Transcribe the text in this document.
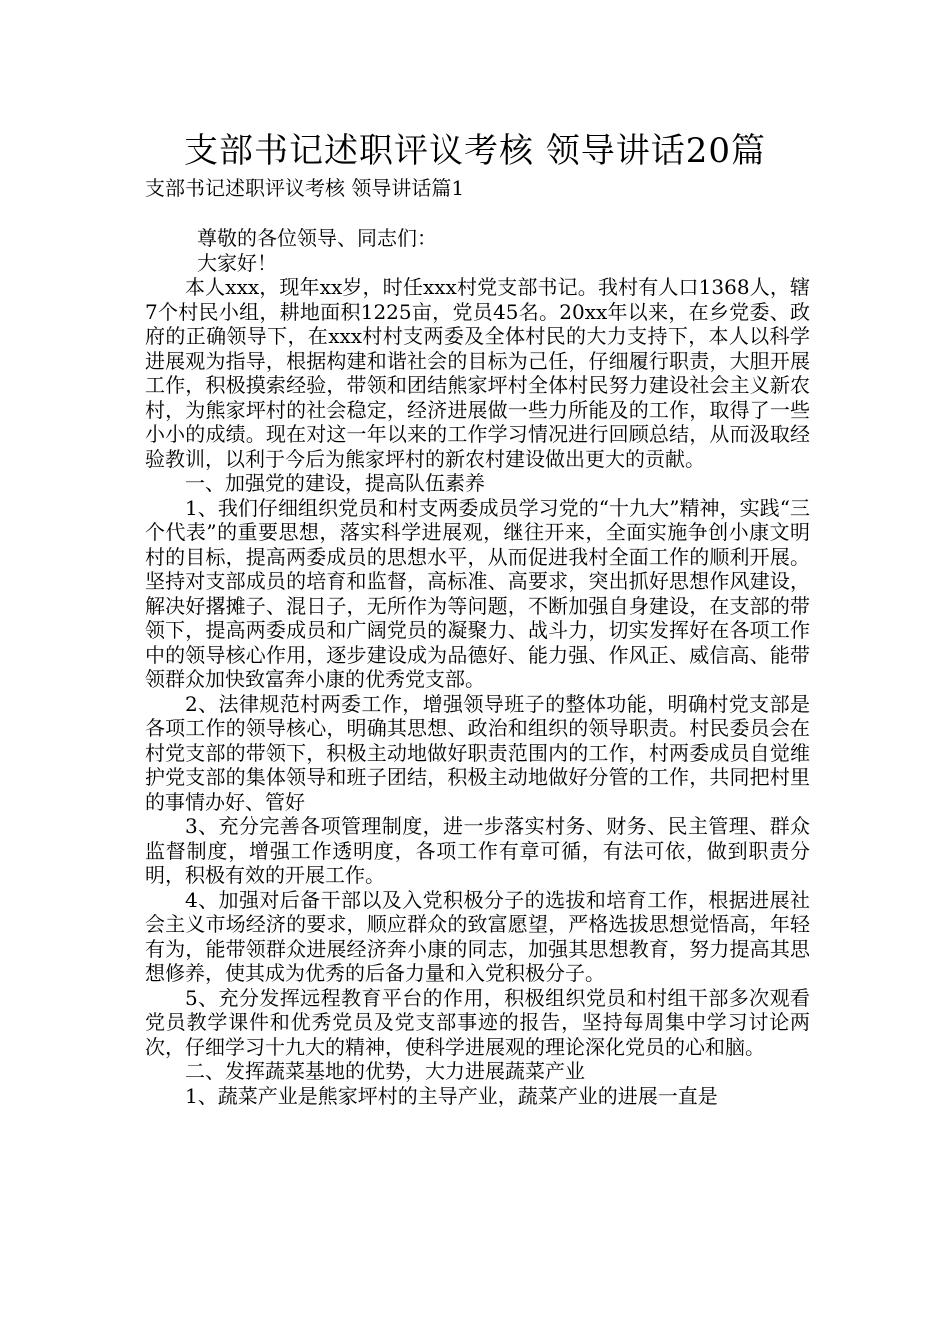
支部书记述职评议考核 领导讲话20篇
支部书记述职评议考核 领导讲话篇1

尊敬的各位领导、同志们：

大家好！

本人xxx，现年xx岁，时任xxx村党支部书记。我村有人口1368人，辖7个村民小组，耕地面积1225亩，党员45名。20xx年以来，在乡党委、政府的正确领导下，在xxx村村支两委及全体村民的大力支持下，本人以科学进展观为指导，根据构建和谐社会的目标为己任，仔细履行职责，大胆开展工作，积极摸索经验，带领和团结熊家坪村全体村民努力建设社会主义新农村，为熊家坪村的社会稳定，经济进展做一些力所能及的工作，取得了一些小小的成绩。现在对这一年以来的工作学习情况进行回顾总结，从而汲取经验教训，以利于今后为熊家坪村的新农村建设做出更大的贡献。

一、加强党的建设，提高队伍素养

1、我们仔细组织党员和村支两委成员学习党的“十九大”精神，实践“三个代表”的重要思想，落实科学进展观，继往开来，全面实施争创小康文明村的目标，提高两委成员的思想水平，从而促进我村全面工作的顺利开展。坚持对支部成员的培育和监督，高标准、高要求，突出抓好思想作风建设，解决好撂摊子、混日子，无所作为等问题，不断加强自身建设，在支部的带领下，提高两委成员和广阔党员的凝聚力、战斗力，切实发挥好在各项工作中的领导核心作用，逐步建设成为品德好、能力强、作风正、威信高、能带领群众加快致富奔小康的优秀党支部。

2、法律规范村两委工作，增强领导班子的整体功能，明确村党支部是各项工作的领导核心，明确其思想、政治和组织的领导职责。村民委员会在村党支部的带领下，积极主动地做好职责范围内的工作，村两委成员自觉维护党支部的集体领导和班子团结，积极主动地做好分管的工作，共同把村里的事情办好、管好

3、充分完善各项管理制度，进一步落实村务、财务、民主管理、群众监督制度，增强工作透明度，各项工作有章可循，有法可依，做到职责分明，积极有效的开展工作。

4、加强对后备干部以及入党积极分子的选拔和培育工作，根据进展社会主义市场经济的要求，顺应群众的致富愿望，严格选拔思想觉悟高，年轻有为，能带领群众进展经济奔小康的同志，加强其思想教育，努力提高其思想修养，使其成为优秀的后备力量和入党积极分子。

5、充分发挥远程教育平台的作用，积极组织党员和村组干部多次观看党员教学课件和优秀党员及党支部事迹的报告，坚持每周集中学习讨论两次，仔细学习十九大的精神，使科学进展观的理论深化党员的心和脑。

二、发挥蔬菜基地的优势，大力进展蔬菜产业

1、蔬菜产业是熊家坪村的主导产业，蔬菜产业的进展一直是
